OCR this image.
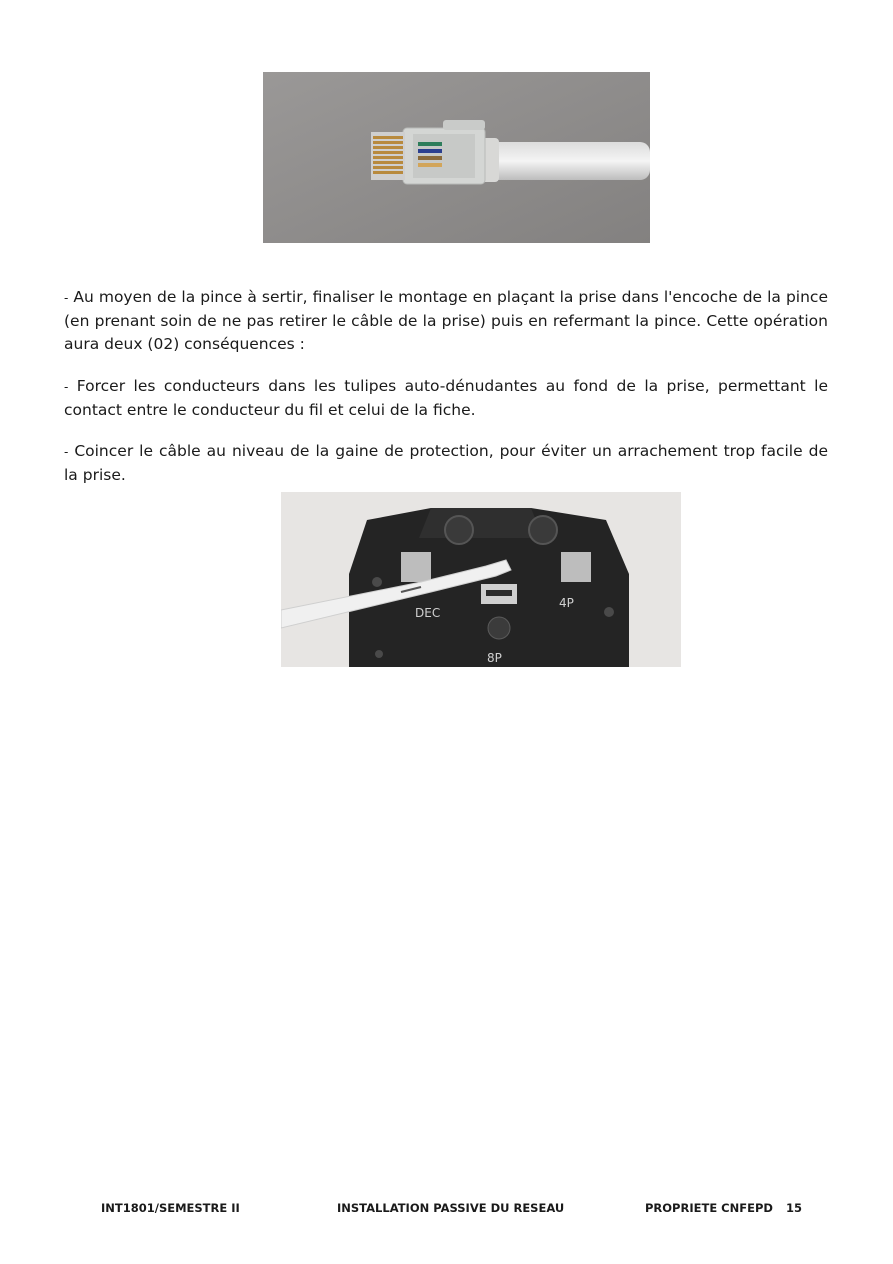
- Au moyen de la pince à sertir, finaliser le montage en plaçant la prise dans l'encoche de la pince (en prenant soin de ne pas retirer le câble de la prise) puis en refermant la pince. Cette opération aura deux (02) conséquences :

- Forcer les conducteurs dans les tulipes auto-dénudantes au fond de la prise, permettant le contact entre le conducteur du fil et celui de la fiche.

- Coincer le câble au niveau de la gaine de protection, pour éviter un arrachement trop facile de la prise.

DEC
4P
8P
INT1801/SEMESTRE II	INSTALLATION PASSIVE DU RESEAU	PROPRIETE CNFEPD 15
